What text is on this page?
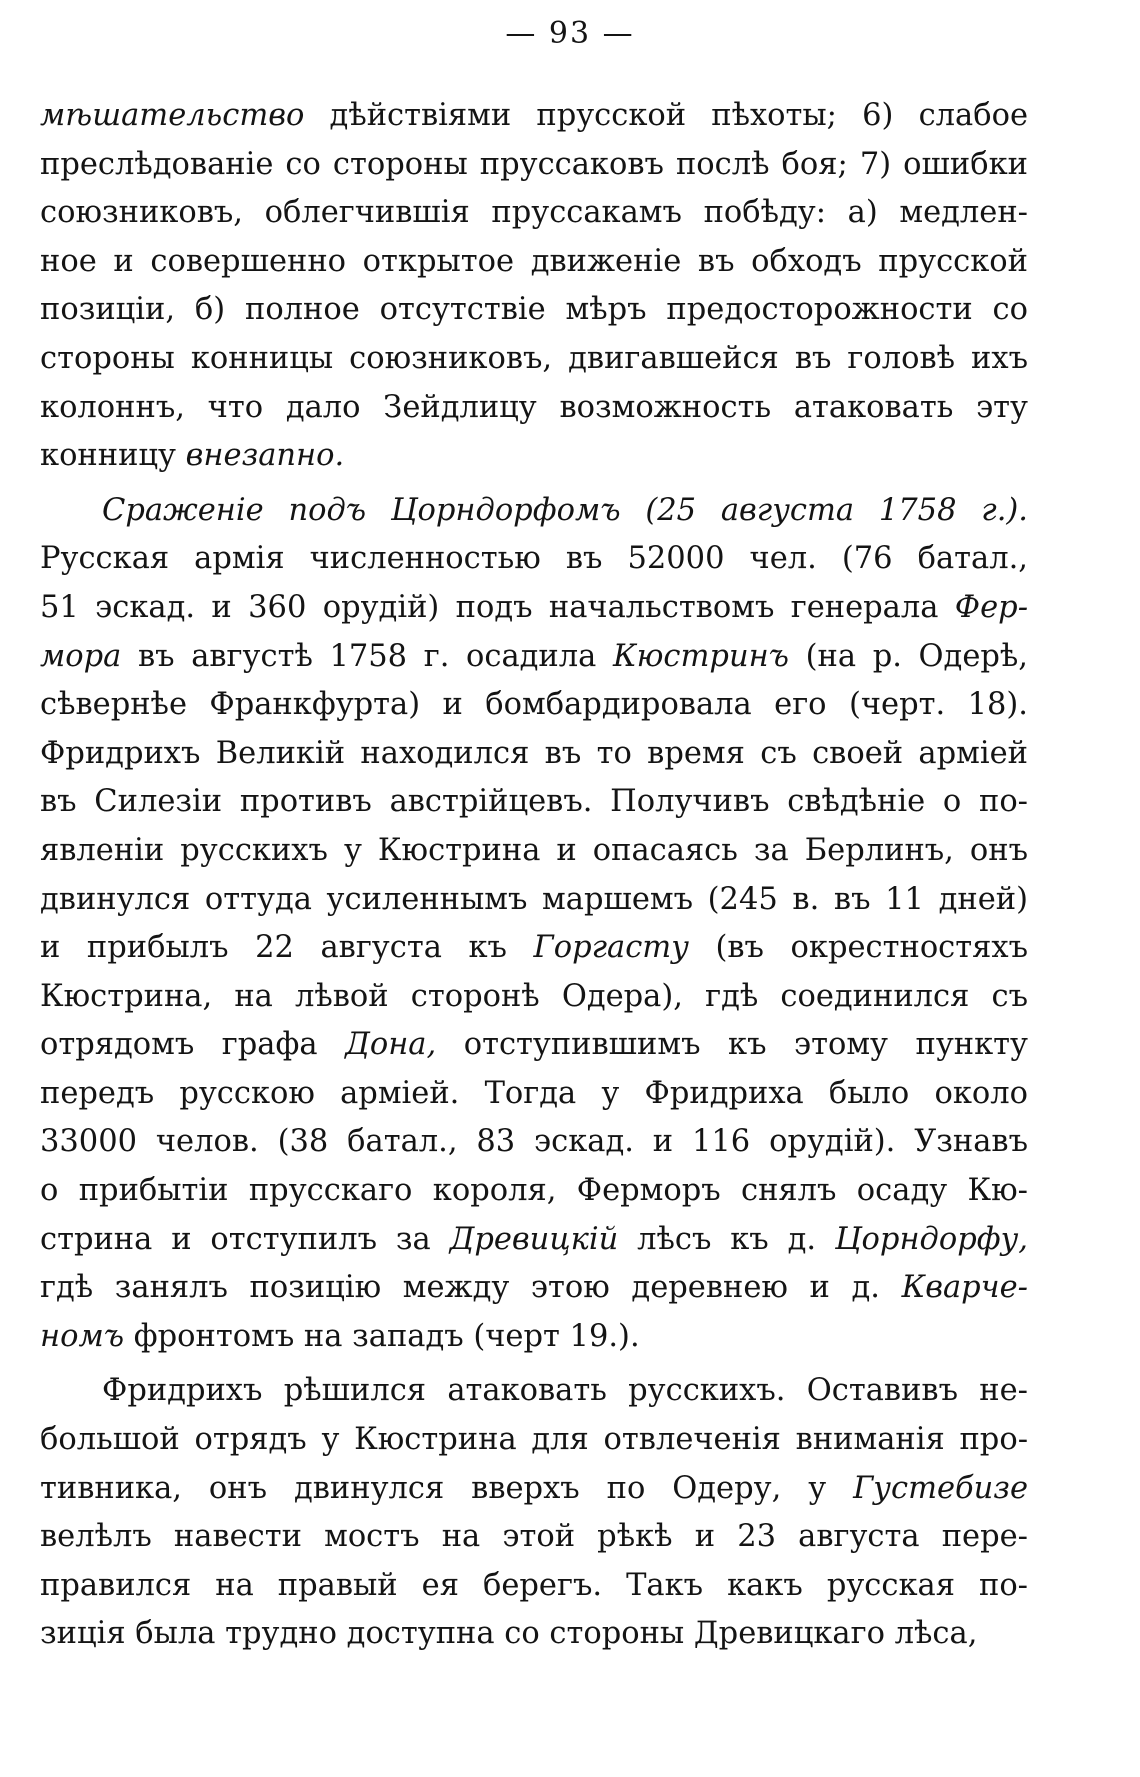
— 93 —
мѣшательство дѣйствіями прусской пѣхоты; 6) слабое
преслѣдованіе со стороны пруссаковъ послѣ боя; 7) ошибки
союзниковъ, облегчившія пруссакамъ побѣду: а) медлен-
ное и совершенно открытое движеніе въ обходъ прусской
позиціи, б) полное отсутствіе мѣръ предосторожности со
стороны конницы союзниковъ, двигавшейся въ головѣ ихъ
колоннъ, что дало Зейдлицу возможность атаковать эту
конницу внезапно.
Сраженіе подъ Цорндорфомъ (25 августа 1758 г.).
Русская армія численностью въ 52000 чел. (76 батал.,
51 эскад. и 360 орудій) подъ начальствомъ генерала Фер-
мора въ августѣ 1758 г. осадила Кюстринъ (на р. Одерѣ,
сѣвернѣе Франкфурта) и бомбардировала его (черт. 18).
Фридрихъ Великій находился въ то время съ своей арміей
въ Силезіи противъ австрійцевъ. Получивъ свѣдѣніе о по-
явленіи русскихъ у Кюстрина и опасаясь за Берлинъ, онъ
двинулся оттуда усиленнымъ маршемъ (245 в. въ 11 дней)
и прибылъ 22 августа къ Горгасту (въ окрестностяхъ
Кюстрина, на лѣвой сторонѣ Одера), гдѣ соединился съ
отрядомъ графа Дона, отступившимъ къ этому пункту
передъ русскою арміей. Тогда у Фридриха было около
33000 челов. (38 батал., 83 эскад. и 116 орудій). Узнавъ
о прибытіи прусскаго короля, Ферморъ снялъ осаду Кю-
стрина и отступилъ за Древицкій лѣсъ къ д. Цорндорфу,
гдѣ занялъ позицію между этою деревнею и д. Кварче-
номъ фронтомъ на западъ (черт 19.).
Фридрихъ рѣшился атаковать русскихъ. Оставивъ не-
большой отрядъ у Кюстрина для отвлеченія вниманія про-
тивника, онъ двинулся вверхъ по Одеру, у Густебизе
велѣлъ навести мостъ на этой рѣкѣ и 23 августа пере-
правился на правый ея берегъ. Такъ какъ русская по-
зиція была трудно доступна со стороны Древицкаго лѣса,
